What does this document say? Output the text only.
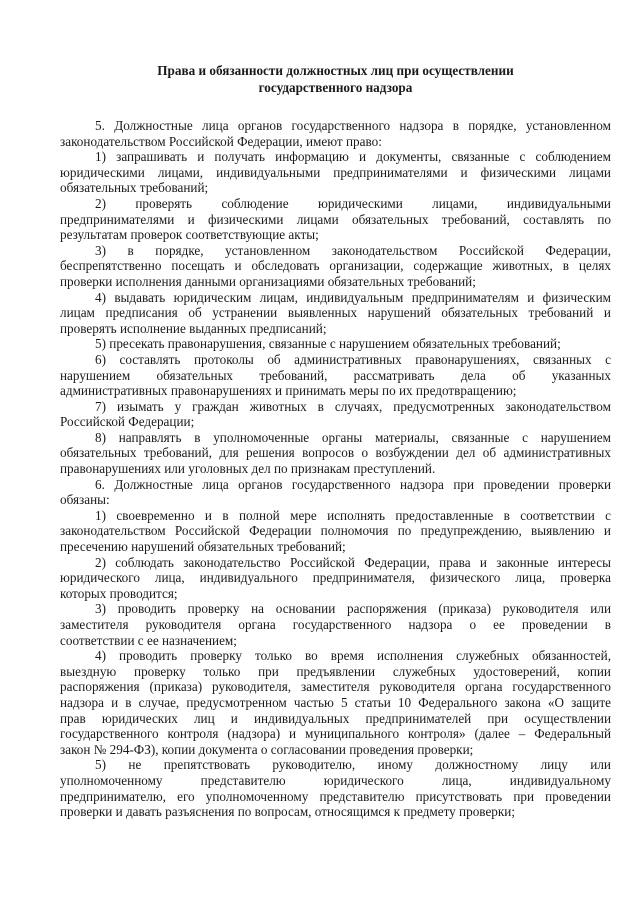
Права и обязанности должностных лиц при осуществлении
государственного надзора
5. Должностные лица органов государственного надзора в порядке, установленном
законодательством Российской Федерации, имеют право:
1) запрашивать и получать информацию и документы, связанные с соблюдением
юридическими лицами, индивидуальными предпринимателями и физическими лицами
обязательных требований;
2) проверять соблюдение юридическими лицами, индивидуальными
предпринимателями и физическими лицами обязательных требований, составлять по
результатам проверок соответствующие акты;
3) в порядке, установленном законодательством Российской Федерации,
беспрепятственно посещать и обследовать организации, содержащие животных, в целях
проверки исполнения данными организациями обязательных требований;
4) выдавать юридическим лицам, индивидуальным предпринимателям и физическим
лицам предписания об устранении выявленных нарушений обязательных требований и
проверять исполнение выданных предписаний;
5) пресекать правонарушения, связанные с нарушением обязательных требований;
6) составлять протоколы об административных правонарушениях, связанных с
нарушением обязательных требований, рассматривать дела об указанных
административных правонарушениях и принимать меры по их предотвращению;
7) изымать у граждан животных в случаях, предусмотренных законодательством
Российской Федерации;
8) направлять в уполномоченные органы материалы, связанные с нарушением
обязательных требований, для решения вопросов о возбуждении дел об административных
правонарушениях или уголовных дел по признакам преступлений.
6. Должностные лица органов государственного надзора при проведении проверки
обязаны:
1) своевременно и в полной мере исполнять предоставленные в соответствии с
законодательством Российской Федерации полномочия по предупреждению, выявлению и
пресечению нарушений обязательных требований;
2) соблюдать законодательство Российской Федерации, права и законные интересы
юридического лица, индивидуального предпринимателя, физического лица, проверка
которых проводится;
3) проводить проверку на основании распоряжения (приказа) руководителя или
заместителя руководителя органа государственного надзора о ее проведении в
соответствии с ее назначением;
4) проводить проверку только во время исполнения служебных обязанностей,
выездную проверку только при предъявлении служебных удостоверений, копии
распоряжения (приказа) руководителя, заместителя руководителя органа государственного
надзора и в случае, предусмотренном частью 5 статьи 10 Федерального закона «О защите
прав юридических лиц и индивидуальных предпринимателей при осуществлении
государственного контроля (надзора) и муниципального контроля» (далее – Федеральный
закон № 294-ФЗ), копии документа о согласовании проведения проверки;
5) не препятствовать руководителю, иному должностному лицу или
уполномоченному представителю юридического лица, индивидуальному
предпринимателю, его уполномоченному представителю присутствовать при проведении
проверки и давать разъяснения по вопросам, относящимся к предмету проверки;
